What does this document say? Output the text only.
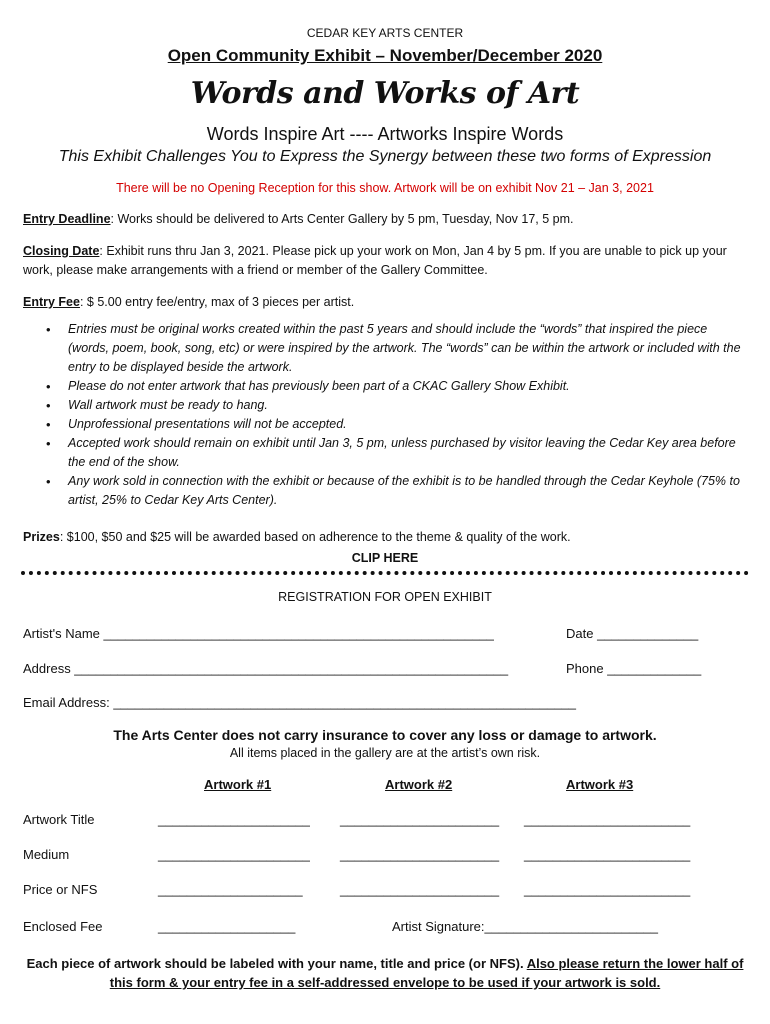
CEDAR KEY ARTS CENTER
Open Community Exhibit – November/December 2020
Words and Works of Art
Words Inspire Art ---- Artworks Inspire Words
This Exhibit Challenges You to Express the Synergy between these two forms of Expression
There will be no Opening Reception for this show. Artwork will be on exhibit Nov 21 – Jan 3, 2021
Entry Deadline: Works should be delivered to Arts Center Gallery by 5 pm, Tuesday, Nov 17, 5 pm.
Closing Date: Exhibit runs thru Jan 3, 2021. Please pick up your work on Mon, Jan 4 by 5 pm. If you are unable to pick up your work, please make arrangements with a friend or member of the Gallery Committee.
Entry Fee: $ 5.00 entry fee/entry, max of 3 pieces per artist.
• Entries must be original works created within the past 5 years and should include the “words” that inspired the piece (words, poem, book, song, etc) or were inspired by the artwork. The “words” can be within the artwork or included with the entry to be displayed beside the artwork.
• Please do not enter artwork that has previously been part of a CKAC Gallery Show Exhibit.
• Wall artwork must be ready to hang.
• Unprofessional presentations will not be accepted.
• Accepted work should remain on exhibit until Jan 3, 5 pm, unless purchased by visitor leaving the Cedar Key area before the end of the show.
• Any work sold in connection with the exhibit or because of the exhibit is to be handled through the Cedar Keyhole (75% to artist, 25% to Cedar Key Arts Center).
Prizes: $100, $50 and $25 will be awarded based on adherence to the theme & quality of the work.
CLIP HERE
REGISTRATION FOR OPEN EXHIBIT
Artist's Name ______________________________________________________	Date ______________
Address ____________________________________________________________	Phone _____________
Email Address: ________________________________________________________________
The Arts Center does not carry insurance to cover any loss or damage to artwork.
All items placed in the gallery are at the artist’s own risk.
Artwork #1	Artwork #2	Artwork #3
Artwork Title	_____________________ ______________________ _______________________
Medium	_____________________ ______________________ _______________________
Price or NFS	____________________	______________________ _______________________
Enclosed Fee	___________________	Artist Signature:________________________
Each piece of artwork should be labeled with your name, title and price (or NFS). Also please return the lower half of this form & your entry fee in a self-addressed envelope to be used if your artwork is sold.
